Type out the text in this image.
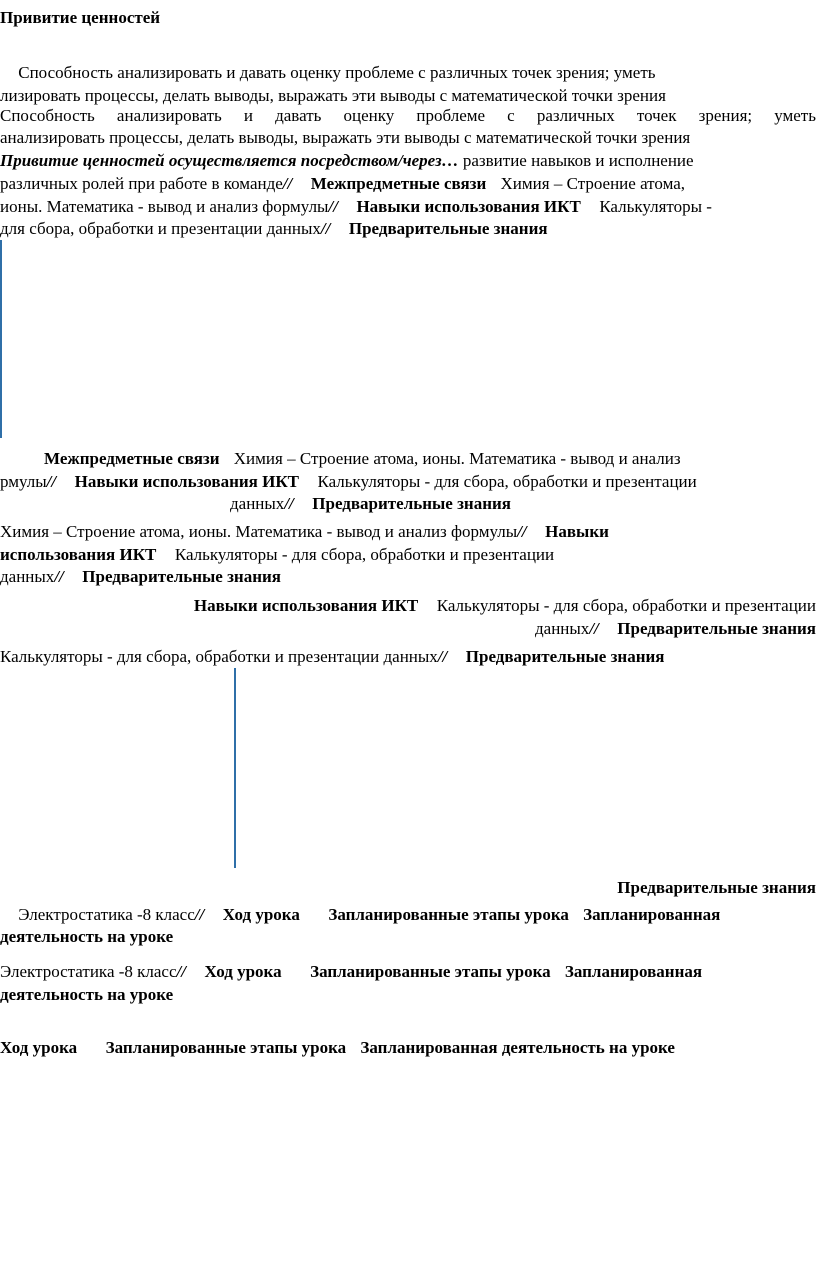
Привитие ценностей
Способность анализировать и давать оценку проблеме с различных точек зрения; уметь
лизировать процессы, делать выводы, выражать эти выводы с математической точки зрения
Способность анализировать и давать оценку проблеме с различных точек зрения; уметь
анализировать процессы, делать выводы, выражать эти выводы с математической точки зрения
Привитие ценностей осуществляется посредством/через… развитие навыков и исполнение
различных ролей при работе в команде// Межпредметные связи Химия – Строение атома,
ионы. Математика - вывод и анализ формулы// Навыки использования ИКТ Калькуляторы -
для сбора, обработки и презентации данных// Предварительные знания
Межпредметные связи Химия – Строение атома, ионы. Математика - вывод и анализ
рмулы// Навыки использования ИКТ Калькуляторы - для сбора, обработки и презентации
данных// Предварительные знания
Химия – Строение атома, ионы. Математика - вывод и анализ формулы// Навыки
использования ИКТ Калькуляторы - для сбора, обработки и презентации
данных// Предварительные знания
Навыки использования ИКТ Калькуляторы - для сбора, обработки и презентации
данных// Предварительные знания
Калькуляторы - для сбора, обработки и презентации данных// Предварительные знания
Предварительные знания
Электростатика -8 класс// Ход урока Запланированные этапы урока Запланированная
деятельность на уроке
Электростатика -8 класс// Ход урока Запланированные этапы урока Запланированная
деятельность на уроке
Ход урока Запланированные этапы урока Запланированная деятельность на уроке
